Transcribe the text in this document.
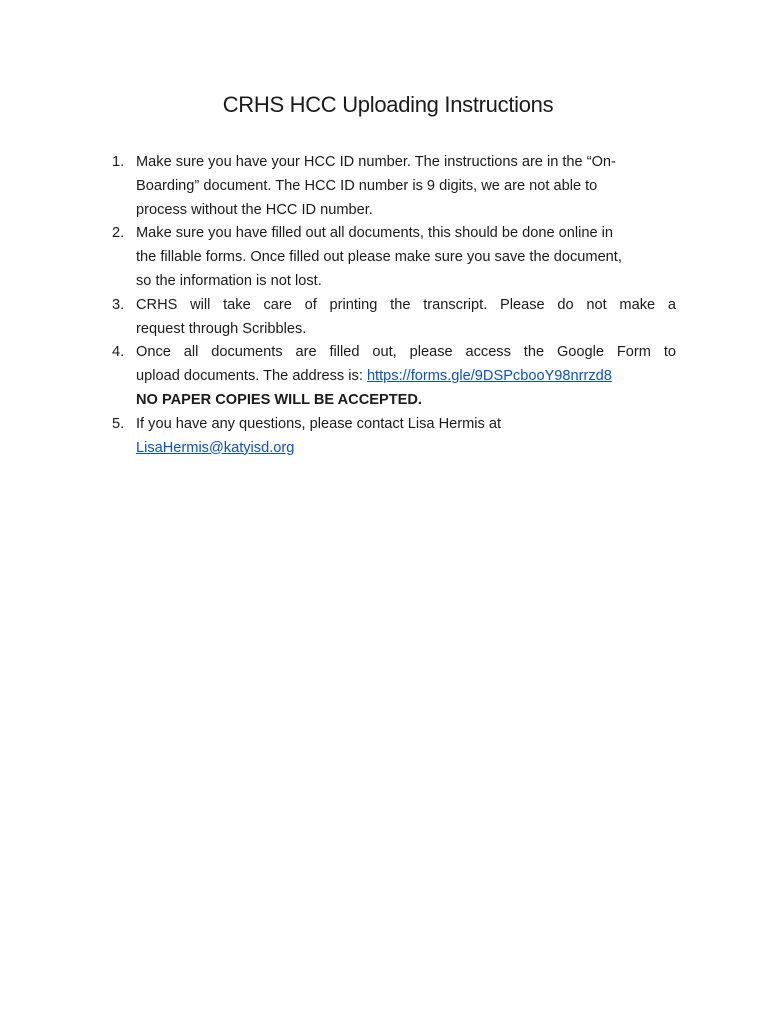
CRHS HCC Uploading Instructions
1. Make sure you have your HCC ID number. The instructions are in the “On-
Boarding” document. The HCC ID number is 9 digits, we are not able to
process without the HCC ID number.
2. Make sure you have filled out all documents, this should be done online in
the fillable forms. Once filled out please make sure you save the document,
so the information is not lost.
3. CRHS will take care of printing the transcript. Please do not make a
request through Scribbles.
4. Once all documents are filled out, please access the Google Form to
upload documents. The address is: https://forms.gle/9DSPcbooY98nrrzd8
NO PAPER COPIES WILL BE ACCEPTED.
5. If you have any questions, please contact Lisa Hermis at
LisaHermis@katyisd.org
